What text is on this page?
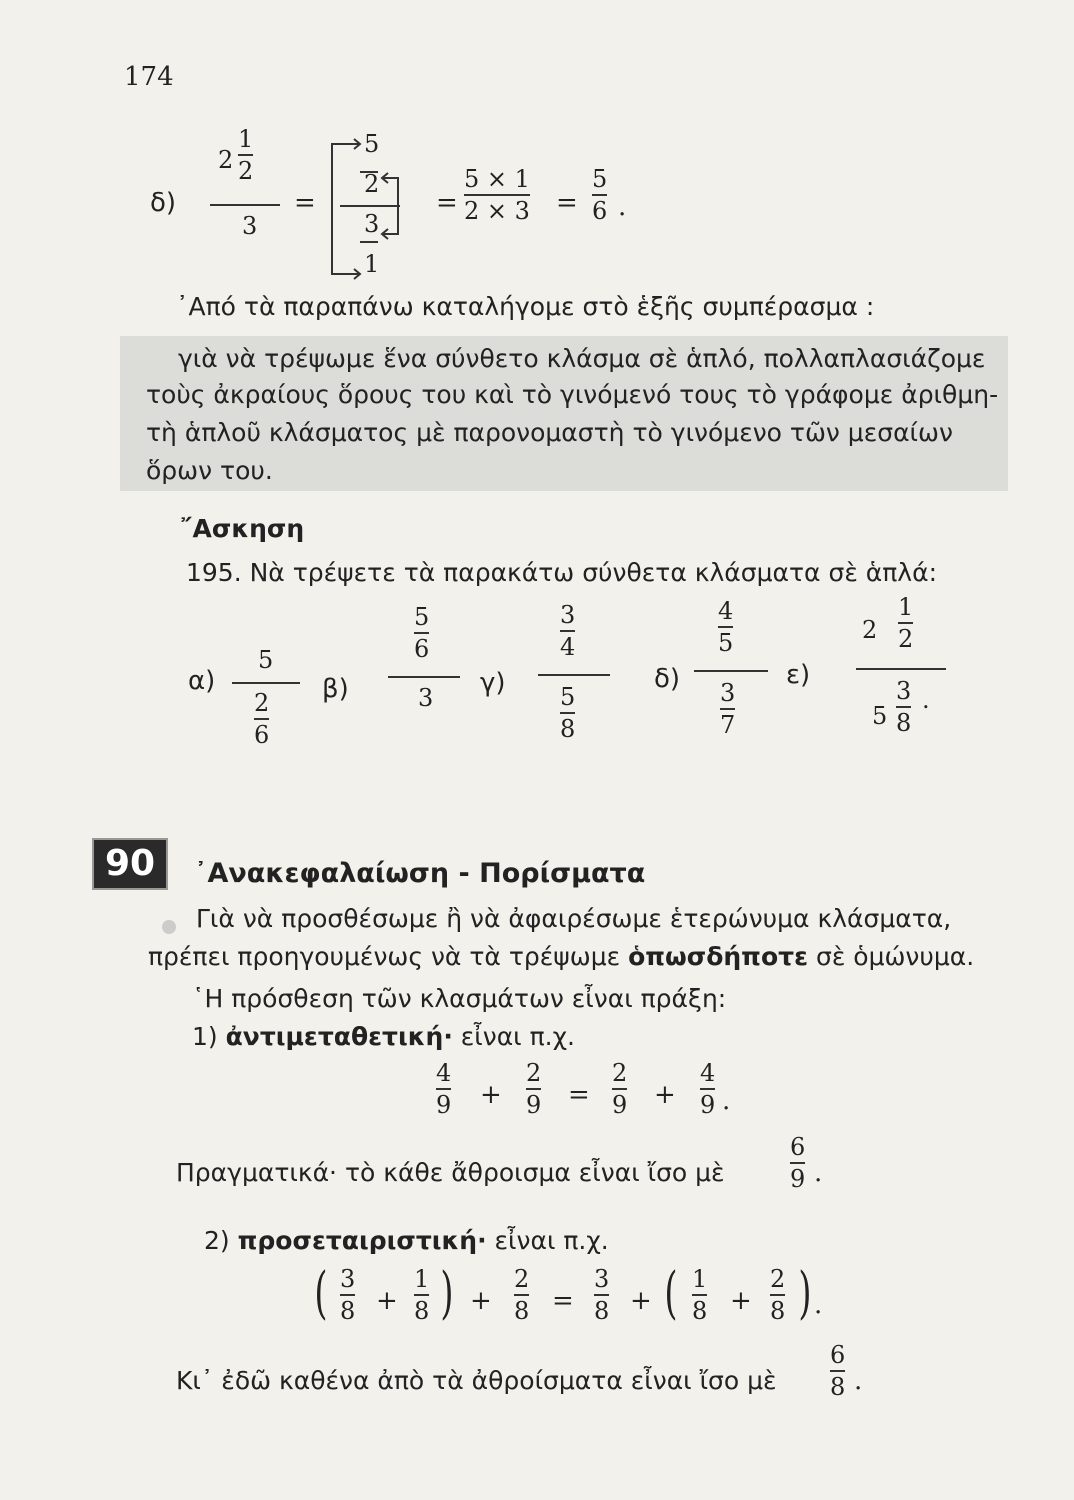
174
δ)
2
1
2
3
=
5
2
3
1
=
5 × 1
2 × 3 =
5
6 .
᾿Από τὰ παραπάνω καταλήγομε στὸ ἑξῆς συμπέρασμα :
γιὰ νὰ τρέψωμε ἕνα σύνθετο κλάσμα σὲ ἁπλό, πολλαπλασιάζομε
τοὺς ἀκραίους ὅρους του καὶ τὸ γινόμενό τους τὸ γράφομε ἀριθμη-
τὴ ἁπλοῦ κλάσματος μὲ παρονομαστὴ τὸ γινόμενο τῶν μεσαίων
ὅρων του.
῎Ασκηση
195. Νὰ τρέψετε τὰ παρακάτω σύνθετα κλάσματα σὲ ἁπλά:
α)
5
2
6
β)
5
6
3 γ)
3
4
5
8
δ)
4
5
3
7
ε)
2
1
2
5
3
8
.
90	᾿Ανακεφαλαίωση - Πορίσματα
Γιὰ νὰ προσθέσωμε ἢ νὰ ἀφαιρέσωμε ἑτερώνυμα κλάσματα,
πρέπει προηγουμένως νὰ τὰ τρέψωμε ὁπωσδήποτε σὲ ὁμώνυμα.
῾Η πρόσθεση τῶν κλασμάτων εἶναι πράξη:
1) ἀντιμεταθετική· εἶναι π.χ.
4
9 +
2
9 =
2
9 +
4
9 .
Πραγματικά· τὸ κάθε ἄθροισμα εἶναι ἴσο μὲ
6
9 .
2) προσεταιριστική· εἶναι π.χ.
( 3
8 +
1
8 ) +
2
8 =
3
8 + ( 1
8 +
2
8 ) .
Κι᾿ ἐδῶ καθένα ἀπὸ τὰ ἀθροίσματα εἶναι ἴσο μὲ
6
8 .
